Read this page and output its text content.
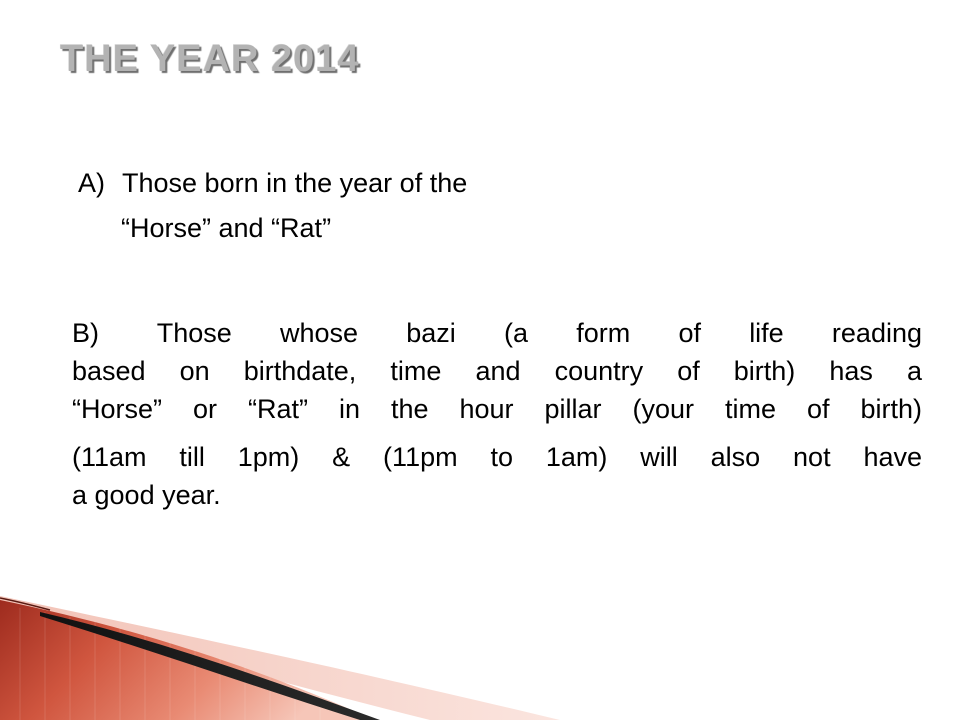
THE YEAR 2014

A) Those born in the year of the

“Horse” and “Rat”

B) Those whose bazi (a form of life reading
based on birthdate, time and country of birth) has a
“Horse” or “Rat” in the hour pillar (your time of birth)
(11am till 1pm) & (11pm to 1am) will also not have
a good year.
